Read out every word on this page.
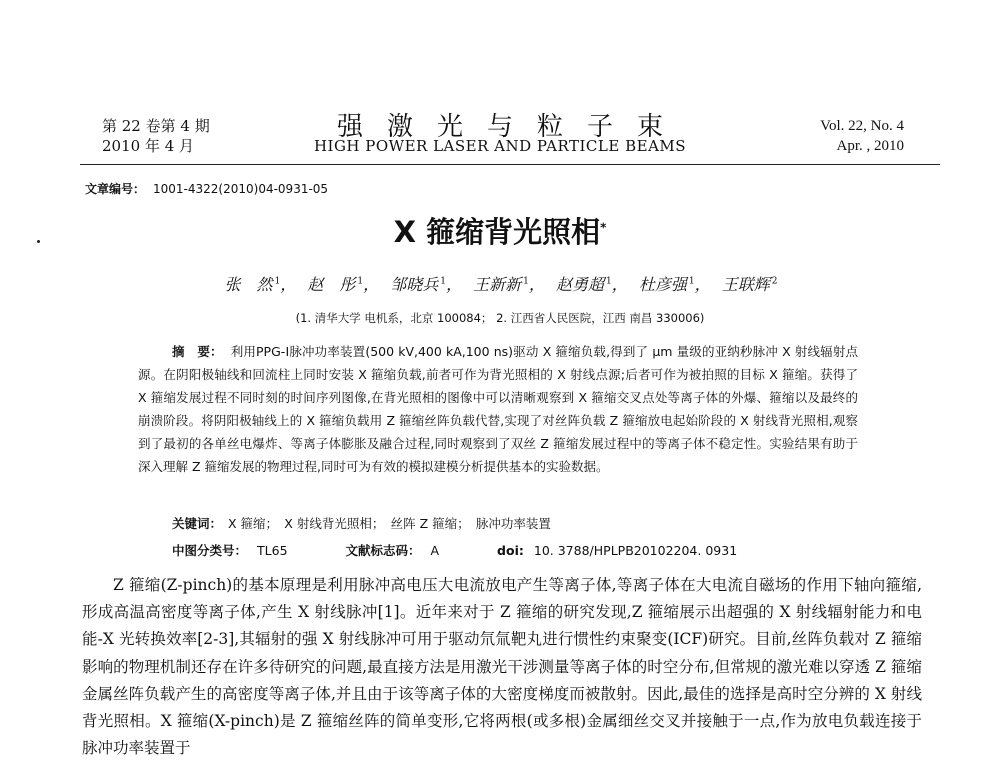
第 22 卷第 4 期
2010 年 4 月
强激光与粒子束
HIGH POWER LASER AND PARTICLE BEAMS
Vol. 22, No. 4
Apr. , 2010
文章编号： 1001-4322(2010)04-0931-05
X 箍缩背光照相*
张　然 $^1$， 赵　彤 $^1$， 邹晓兵 $^1$， 王新新 $^1$， 赵勇超 $^1$， 杜彦强 $^1$， 王联辉 $^2$
(1. 清华大学 电机系，北京 100084； 2. 江西省人民医院，江西 南昌 330006)
摘　要： 利用PPG-Ⅰ脉冲功率装置(500 kV,400 kA,100 ns)驱动 X 箍缩负载,得到了 μm 量级的亚纳秒脉冲 X 射线辐射点源。在阴阳极轴线和回流柱上同时安装 X 箍缩负载,前者可作为背光照相的 X 射线点源;后者可作为被拍照的目标 X 箍缩。获得了 X 箍缩发展过程不同时刻的时间序列图像,在背光照相的图像中可以清晰观察到 X 箍缩交叉点处等离子体的外爆、箍缩以及最终的崩溃阶段。将阴阳极轴线上的 X 箍缩负载用 Z 箍缩丝阵负载代替,实现了对丝阵负载 Z 箍缩放电起始阶段的 X 射线背光照相,观察到了最初的各单丝电爆炸、等离子体膨胀及融合过程,同时观察到了双丝 Z 箍缩发展过程中的等离子体不稳定性。实验结果有助于深入理解 Z 箍缩发展的物理过程,同时可为有效的模拟建模分析提供基本的实验数据。
关键词： X 箍缩；　X 射线背光照相；　丝阵 Z 箍缩；　脉冲功率装置
中图分类号： TL65	文献标志码： A	doi: 10. 3788/HPLPB20102204. 0931
Z 箍缩(Z-pinch)的基本原理是利用脉冲高电压大电流放电产生等离子体,等离子体在大电流自磁场的作用下轴向箍缩,形成高温高密度等离子体,产生 X 射线脉冲[1]。近年来对于 Z 箍缩的研究发现,Z 箍缩展示出超强的 X 射线辐射能力和电能-X 光转换效率[2-3],其辐射的强 X 射线脉冲可用于驱动氘氚靶丸进行惯性约束聚变(ICF)研究。目前,丝阵负载对 Z 箍缩影响的物理机制还存在许多待研究的问题,最直接方法是用激光干涉测量等离子体的时空分布,但常规的激光难以穿透 Z 箍缩金属丝阵负载产生的高密度等离子体,并且由于该等离子体的大密度梯度而被散射。因此,最佳的选择是高时空分辨的 X 射线背光照相。X 箍缩(X-pinch)是 Z 箍缩丝阵的简单变形,它将两根(或多根)金属细丝交叉并接触于一点,作为放电负载连接于脉冲功率装置于
